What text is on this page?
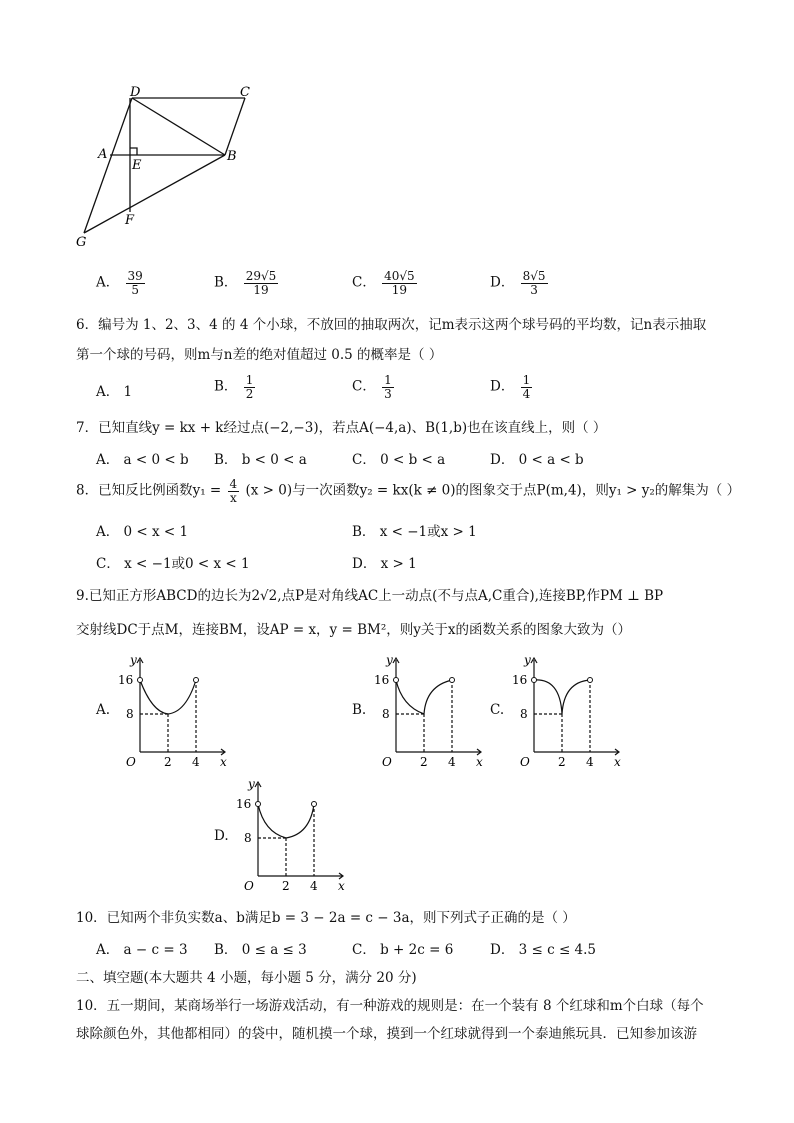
D	C
A
E
B
F
G
A． $\frac{39}{5}$	B． $\frac{29√5}{19}$	C． $\frac{40√5}{19}$	D． $\frac{8√5}{3}$
6．编号为 1、2、3、4 的 4 个小球，不放回的抽取两次，记m表示这两个球号码的平均数，记n表示抽取
第一个球的号码，则m与n差的绝对值超过 0.5 的概率是（ ）
A． 1	B． $\frac{1}{2}$	C． $\frac{1}{3}$	D． $\frac{1}{4}$
7．已知直线y = kx + k经过点(−2,−3)，若点A(−4,a)、B(1,b)也在该直线上，则（ ）
A． a < 0 < b B． b < 0 < a	C． 0 < b < a	D． 0 < a < b
8．已知反比例函数$y_1 = \frac{4}{x} (x > 0)$与一次函数y₂ = kx(k ≠ 0)的图象交于点P(m,4)，则y₁ > y₂的解集为（ ）
A． 0 < x < 1	B． x < −1或x > 1
C． x < −1或0 < x < 1	D． x > 1
9.已知正方形ABCD的边长为2√2,点P是对角线AC上一动点(不与点A,C重合),连接BP,作PM ⊥ BP
交射线DC于点M，连接BM，设AP = x，y = BM²，则y关于x的函数关系的图象大致为（）
A.
y
x
O
16
8
2 4
B.
y
x
O
16
8
2 4
C.
y
x
O
16
8
2 4
D.
y
x
O
16
8
2 4
10．已知两个非负实数a、b满足b = 3 − 2a = c − 3a，则下列式子正确的是（ ）
A． a − c = 3 B． 0 ≤ a ≤ 3	C． b + 2c = 6	D． 3 ≤ c ≤ 4.5
二、填空题(本大题共 4 小题，每小题 5 分，满分 20 分)
10．五一期间，某商场举行一场游戏活动，有一种游戏的规则是：在一个装有 8 个红球和m个白球（每个
球除颜色外，其他都相同）的袋中，随机摸一个球，摸到一个红球就得到一个泰迪熊玩具．已知参加该游
